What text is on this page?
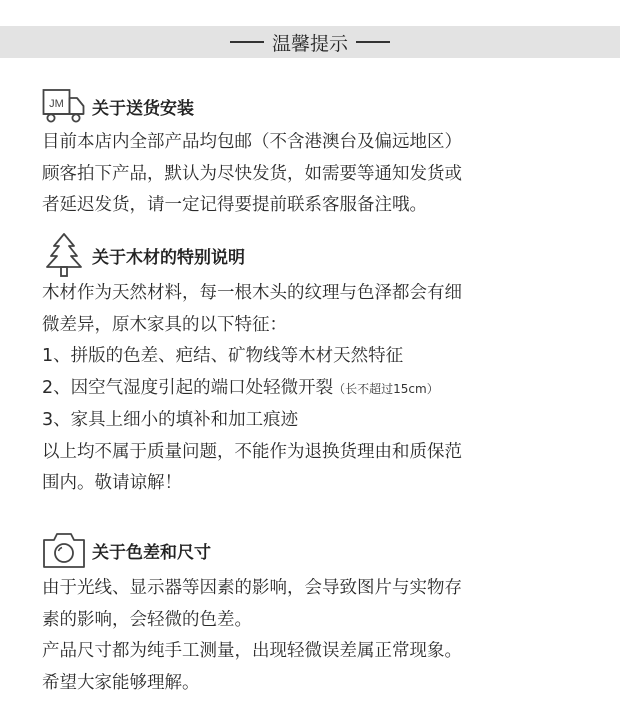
温馨提示
JM 关于送货安装
目前本店内全部产品均包邮（不含港澳台及偏远地区）
顾客拍下产品，默认为尽快发货，如需要等通知发货或
者延迟发货，请一定记得要提前联系客服备注哦。
关于木材的特别说明
木材作为天然材料，每一根木头的纹理与色泽都会有细
微差异，原木家具的以下特征：
1、拼版的色差、疤结、矿物线等木材天然特征
2、因空气湿度引起的端口处轻微开裂（长不超过15cm）
3、家具上细小的填补和加工痕迹
以上均不属于质量问题，不能作为退换货理由和质保范
围内。敬请谅解！
关于色差和尺寸
由于光线、显示器等因素的影响，会导致图片与实物存
素的影响，会轻微的色差。
产品尺寸都为纯手工测量，出现轻微误差属正常现象。
希望大家能够理解。
